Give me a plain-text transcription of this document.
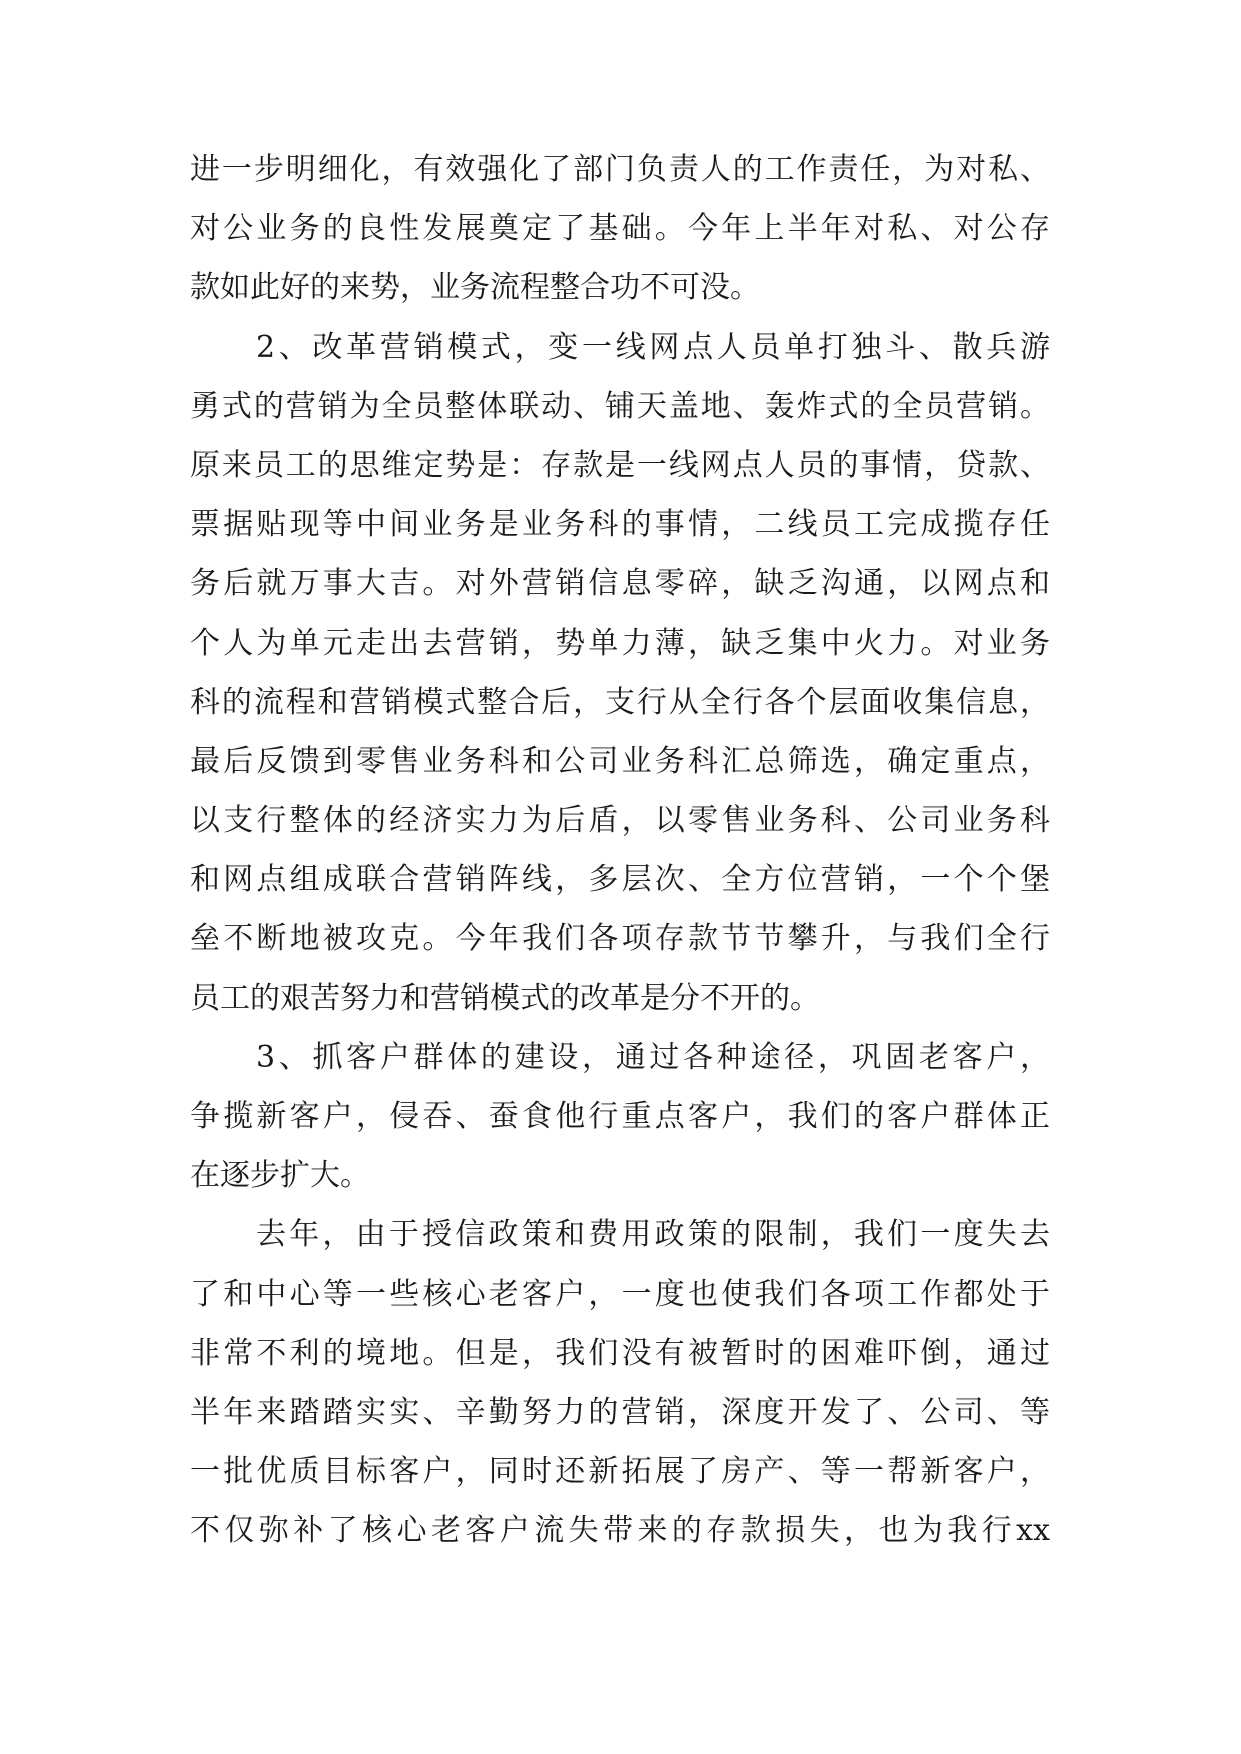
进一步明细化，有效强化了部门负责人的工作责任，为对私、
对公业务的良性发展奠定了基础。今年上半年对私、对公存
款如此好的来势，业务流程整合功不可没。
2、改革营销模式，变一线网点人员单打独斗、散兵游
勇式的营销为全员整体联动、铺天盖地、轰炸式的全员营销。
原来员工的思维定势是：存款是一线网点人员的事情，贷款、
票据贴现等中间业务是业务科的事情，二线员工完成揽存任
务后就万事大吉。对外营销信息零碎，缺乏沟通，以网点和
个人为单元走出去营销，势单力薄，缺乏集中火力。对业务
科的流程和营销模式整合后，支行从全行各个层面收集信息，
最后反馈到零售业务科和公司业务科汇总筛选，确定重点，
以支行整体的经济实力为后盾，以零售业务科、公司业务科
和网点组成联合营销阵线，多层次、全方位营销，一个个堡
垒不断地被攻克。今年我们各项存款节节攀升，与我们全行
员工的艰苦努力和营销模式的改革是分不开的。
3、抓客户群体的建设，通过各种途径，巩固老客户，
争揽新客户，侵吞、蚕食他行重点客户，我们的客户群体正
在逐步扩大。
去年，由于授信政策和费用政策的限制，我们一度失去
了和中心等一些核心老客户，一度也使我们各项工作都处于
非常不利的境地。但是，我们没有被暂时的困难吓倒，通过
半年来踏踏实实、辛勤努力的营销，深度开发了、公司、等
一批优质目标客户，同时还新拓展了房产、等一帮新客户，
不仅弥补了核心老客户流失带来的存款损失，也为我行xx
